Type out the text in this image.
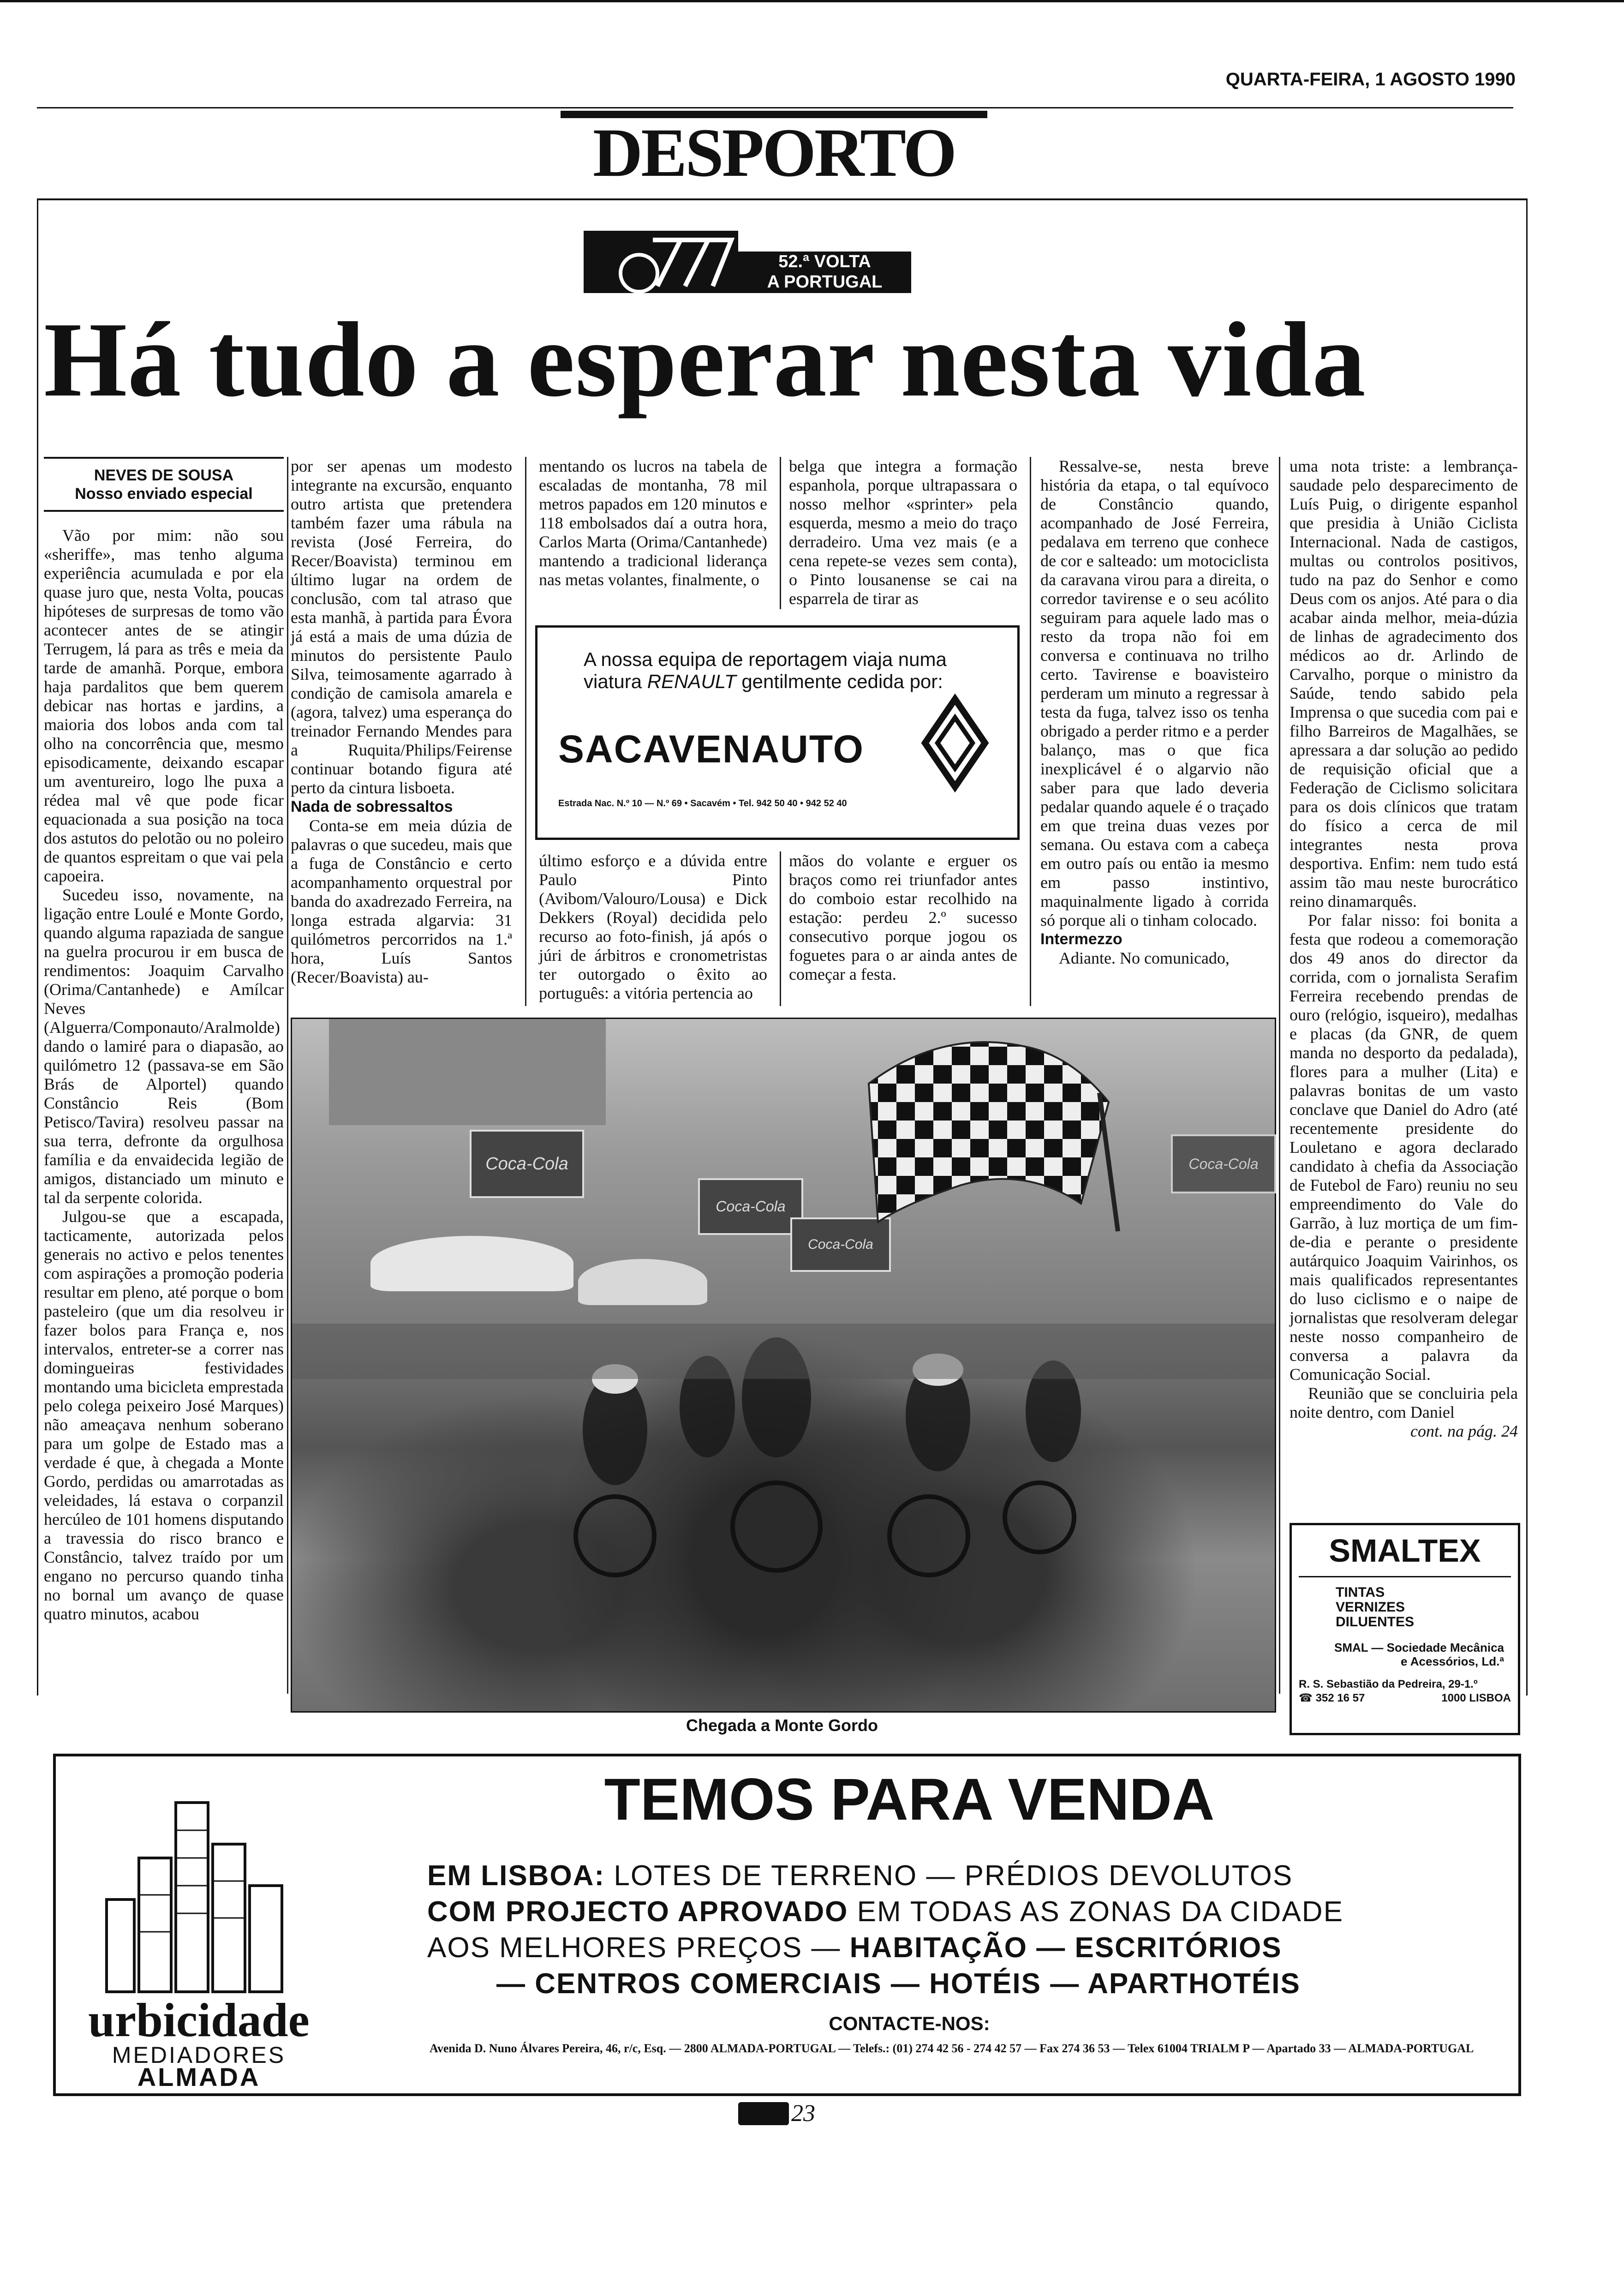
QUARTA-FEIRA, 1 AGOSTO 1990
DESPORTO
52.ª VOLTA
A PORTUGAL
Há tudo a esperar nesta vida
NEVES DE SOUSA
Nosso enviado especial

Vão por mim: não sou «sheriffe», mas tenho alguma experiência acumulada e por ela quase juro que, nesta Volta, poucas hipóteses de surpresas de tomo vão acontecer antes de se atingir Terrugem, lá para as três e meia da tarde de amanhã. Porque, embora haja pardalitos que bem querem debicar nas hortas e jardins, a maioria dos lobos anda com tal olho na concorrência que, mesmo episodicamente, deixando escapar um aventureiro, logo lhe puxa a rédea mal vê que pode ficar equacionada a sua posição na toca dos astutos do pelotão ou no poleiro de quantos espreitam o que vai pela capoeira.

Sucedeu isso, novamente, na ligação entre Loulé e Monte Gordo, quando alguma rapaziada de sangue na guelra procurou ir em busca de rendimentos: Joaquim Carvalho (Orima/Cantanhede) e Amílcar Neves (Alguerra/Componauto/Aralmolde) dando o lamiré para o diapasão, ao quilómetro 12 (passava-se em São Brás de Alportel) quando Constâncio Reis (Bom Petisco/Tavira) resolveu passar na sua terra, defronte da orgulhosa família e da envaidecida legião de amigos, distanciado um minuto e tal da serpente colorida.

Julgou-se que a escapada, tacticamente, autorizada pelos generais no activo e pelos tenentes com aspirações a promoção poderia resultar em pleno, até porque o bom pasteleiro (que um dia resolveu ir fazer bolos para França e, nos intervalos, entreter-se a correr nas domingueiras festividades montando uma bicicleta emprestada pelo colega peixeiro José Marques) não ameaçava nenhum soberano para um golpe de Estado mas a verdade é que, à chegada a Monte Gordo, perdidas ou amarrotadas as veleidades, lá estava o corpanzil hercúleo de 101 homens disputando a travessia do risco branco e Constâncio, talvez traído por um engano no percurso quando tinha no bornal um avanço de quase quatro minutos, acabou

por ser apenas um modesto integrante na excursão, enquanto outro artista que pretendera também fazer uma rábula na revista (José Ferreira, do Recer/Boavista) terminou em último lugar na ordem de conclusão, com tal atraso que esta manhã, à partida para Évora já está a mais de uma dúzia de minutos do persistente Paulo Silva, teimosamente agarrado à condição de camisola amarela e (agora, talvez) uma esperança do treinador Fernando Mendes para a Ruquita/Philips/Feirense continuar botando figura até perto da cintura lisboeta.

Nada de sobressaltos

Conta-se em meia dúzia de palavras o que sucedeu, mais que a fuga de Constâncio e certo acompanhamento orquestral por banda do axadrezado Ferreira, na longa estrada algarvia: 31 quilómetros percorridos na 1.ª hora, Luís Santos (Recer/Boavista) au-

mentando os lucros na tabela de escaladas de montanha, 78 mil metros papados em 120 minutos e 118 embolsados daí a outra hora, Carlos Marta (Orima/Cantanhede) mantendo a tradicional liderança nas metas volantes, finalmente, o

último esforço e a dúvida entre Paulo Pinto (Avibom/Valouro/Lousa) e Dick Dekkers (Royal) decidida pelo recurso ao foto-finish, já após o júri de árbitros e cronometristas ter outorgado o êxito ao português: a vitória pertencia ao

belga que integra a formação espanhola, porque ultrapassara o nosso melhor «sprinter» pela esquerda, mesmo a meio do traço derradeiro. Uma vez mais (e a cena repete-se vezes sem conta), o Pinto lousanense se cai na esparrela de tirar as

mãos do volante e erguer os braços como rei triunfador antes do comboio estar recolhido na estação: perdeu 2.º sucesso consecutivo porque jogou os foguetes para o ar ainda antes de começar a festa.

A nossa equipa de reportagem viaja numa
viatura RENAULT gentilmente cedida por:
SACAVENAUTO
Estrada Nac. N.º 10 — N.º 69 • Sacavém • Tel. 942 50 40 • 942 52 40

Ressalve-se, nesta breve história da etapa, o tal equívoco de Constâncio quando, acompanhado de José Ferreira, pedalava em terreno que conhece de cor e salteado: um motociclista da caravana virou para a direita, o corredor tavirense e o seu acólito seguiram para aquele lado mas o resto da tropa não foi em conversa e continuava no trilho certo. Tavirense e boavisteiro perderam um minuto a regressar à testa da fuga, talvez isso os tenha obrigado a perder ritmo e a perder balanço, mas o que fica inexplicável é o algarvio não saber para que lado deveria pedalar quando aquele é o traçado em que treina duas vezes por semana. Ou estava com a cabeça em outro país ou então ia mesmo em passo instintivo, maquinalmente ligado à corrida só porque ali o tinham colocado.

Intermezzo

Adiante. No comunicado,

uma nota triste: a lembrança-saudade pelo desparecimento de Luís Puig, o dirigente espanhol que presidia à União Ciclista Internacional. Nada de castigos, multas ou controlos positivos, tudo na paz do Senhor e como Deus com os anjos. Até para o dia acabar ainda melhor, meia-dúzia de linhas de agradecimento dos médicos ao dr. Arlindo de Carvalho, porque o ministro da Saúde, tendo sabido pela Imprensa o que sucedia com pai e filho Barreiros de Magalhães, se apressara a dar solução ao pedido de requisição oficial que a Federação de Ciclismo solicitara para os dois clínicos que tratam do físico a cerca de mil integrantes nesta prova desportiva. Enfim: nem tudo está assim tão mau neste burocrático reino dinamarquês.

Por falar nisso: foi bonita a festa que rodeou a comemoração dos 49 anos do director da corrida, com o jornalista Serafim Ferreira recebendo prendas de ouro (relógio, isqueiro), medalhas e placas (da GNR, de quem manda no desporto da pedalada), flores para a mulher (Lita) e palavras bonitas de um vasto conclave que Daniel do Adro (até recentemente presidente do Louletano e agora declarado candidato à chefia da Associação de Futebol de Faro) reuniu no seu empreendimento do Vale do Garrão, à luz mortiça de um fim-de-dia e perante o presidente autárquico Joaquim Vairinhos, os mais qualificados representantes do luso ciclismo e o naipe de jornalistas que resolveram delegar neste nosso companheiro de conversa a palavra da Comunicação Social.

Reunião que se concluiria pela noite dentro, com Daniel

cont. na pág. 24

SMALTEX
TINTAS
VERNIZES
DILUENTES
SMAL — Sociedade Mecânica
e Acessórios, Ld.ª
R. S. Sebastião da Pedreira, 29-1.º
☎ 352 16 57	1000 LISBOA
Coca-Cola
Coca-Cola
Coca-Cola
Coca-Cola
Chegada a Monte Gordo
urbicidade
MEDIADORES
ALMADA
TEMOS PARA VENDA
EM LISBOA: LOTES DE TERRENO — PRÉDIOS DEVOLUTOS
COM PROJECTO APROVADO EM TODAS AS ZONAS DA CIDADE
AOS MELHORES PREÇOS — HABITAÇÃO — ESCRITÓRIOS
— CENTROS COMERCIAIS — HOTÉIS — APARTHOTÉIS
CONTACTE-NOS:
Avenida D. Nuno Álvares Pereira, 46, r/c, Esq. — 2800 ALMADA-PORTUGAL — Telefs.: (01) 274 42 56 - 274 42 57 — Fax 274 36 53 — Telex 61004 TRIALM P — Apartado 33 — ALMADA-PORTUGAL
23
